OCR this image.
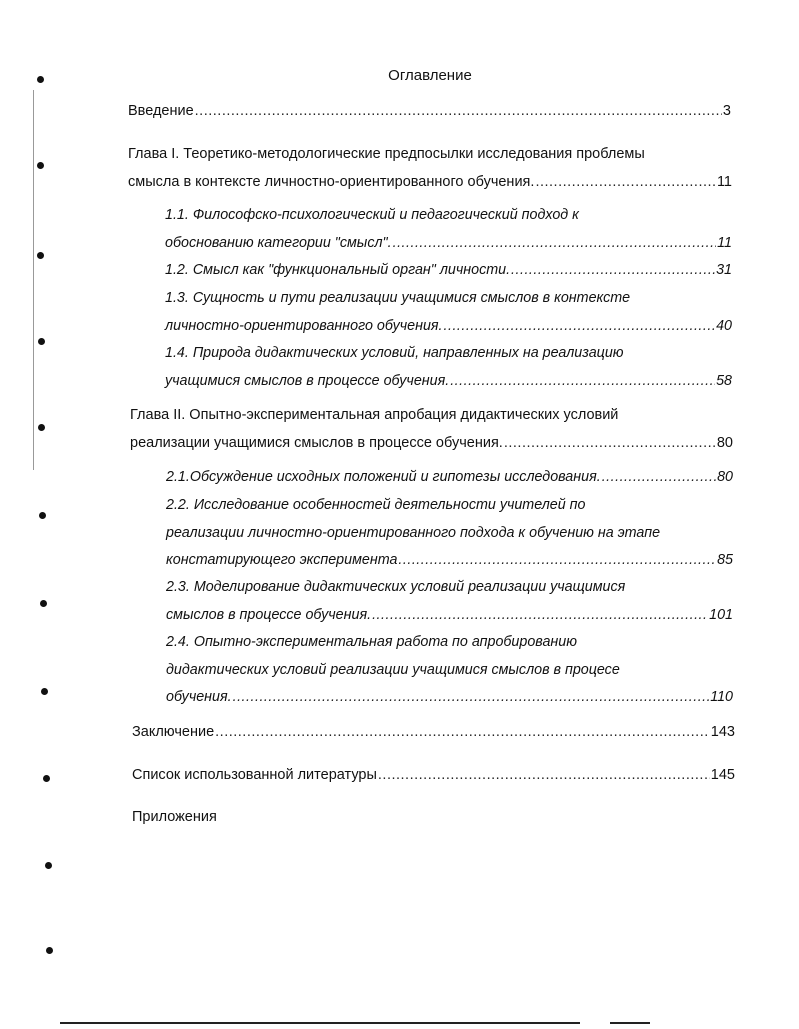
Оглавление
Введение .....	3
Глава I. Теоретико-методологические предпосылки исследования проблемы
смысла в контексте личностно-ориентированного обучения. .....	11
1.1. Философско-психологический и педагогический подход к
обоснованию категории "смысл". .....	11
1.2. Смысл как "функциональный орган" личности. .....	31
1.3. Сущность и пути реализации учащимися смыслов в контексте
личностно-ориентированного обучения. .....	40
1.4. Природа дидактических условий, направленных на реализацию
учащимися смыслов в процессе обучения. .....	58
Глава II. Опытно-экспериментальная апробация дидактических условий
реализации учащимися смыслов в процессе обучения. .....	80
2.1.Обсуждение исходных положений и гипотезы исследования. .....	80
2.2. Исследование особенностей деятельности учителей по
реализации личностно-ориентированного подхода к обучению на этапе
констатирующего эксперимента .....	85
2.3. Моделирование дидактических условий реализации учащимися
смыслов в процессе обучения. .....	101
2.4. Опытно-экспериментальная работа по апробированию
дидактических условий реализации учащимися смыслов в процесе
обучения. .....	110
Заключение .....	143
Список использованной литературы .....	145
Приложения
